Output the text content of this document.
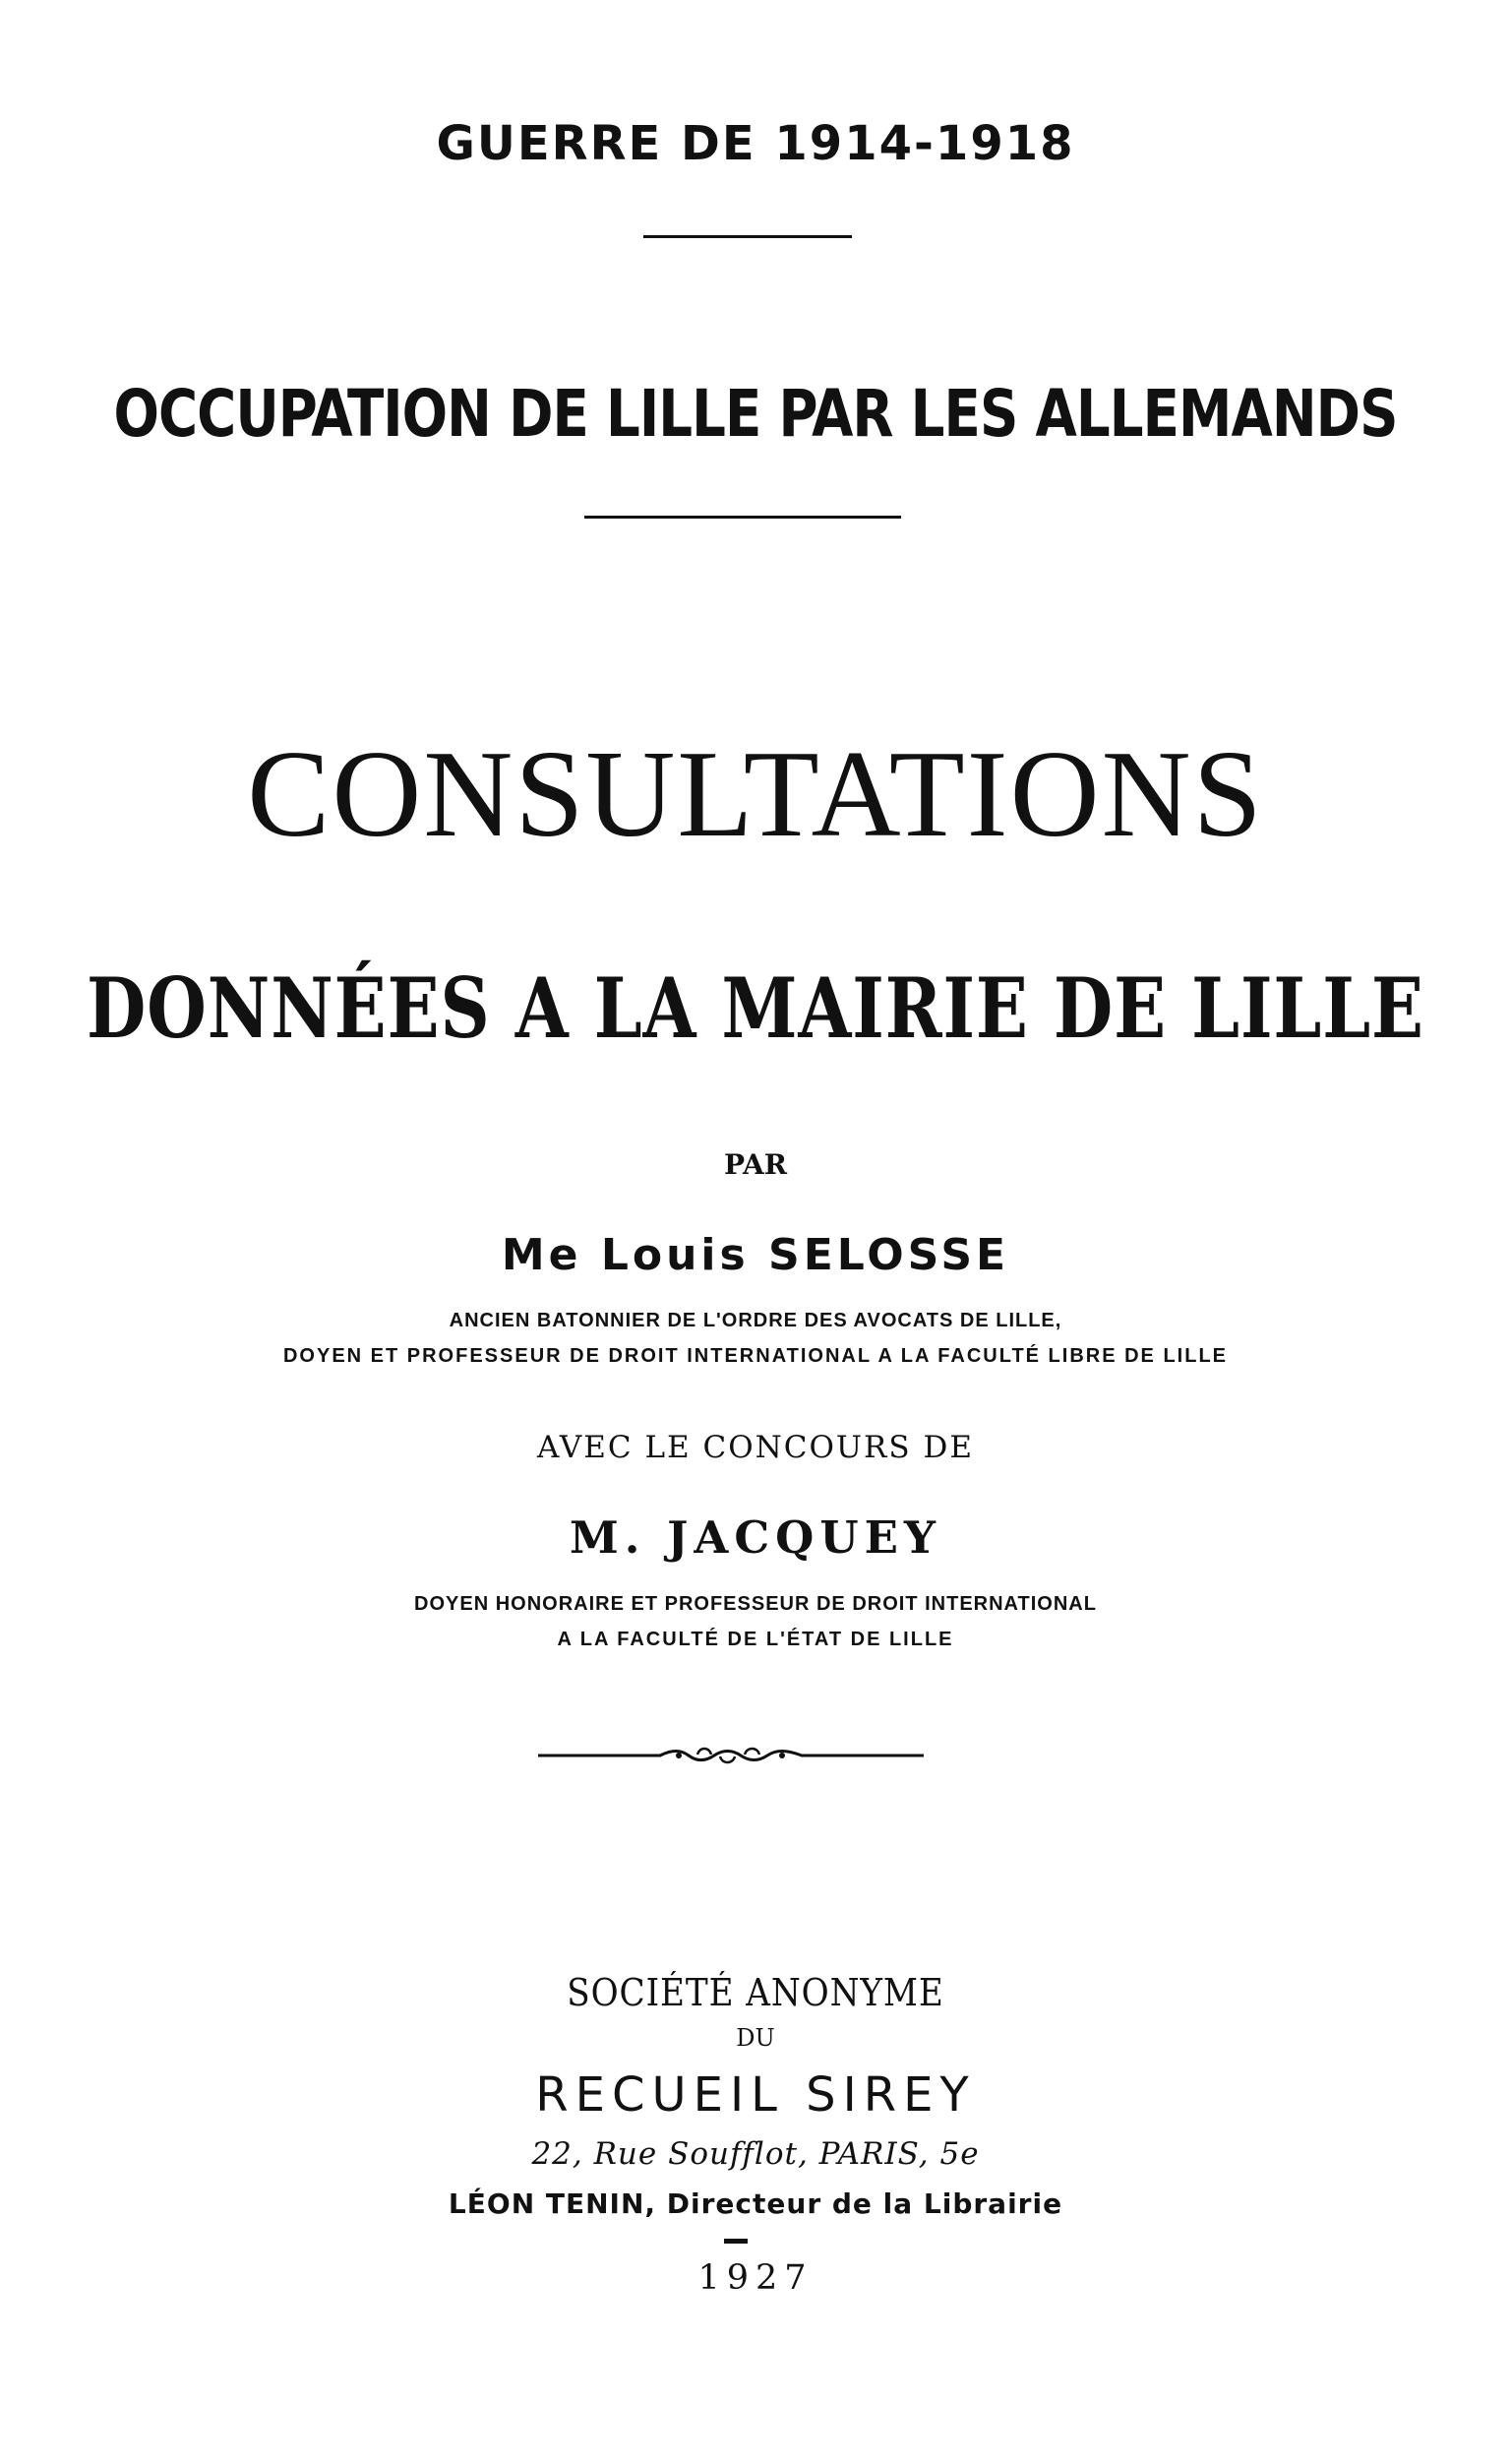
GUERRE DE 1914-1918
OCCUPATION DE LILLE PAR LES ALLEMANDS
CONSULTATIONS
DONNÉES A LA MAIRIE DE LILLE
PAR
Me Louis SELOSSE
ANCIEN BATONNIER DE L'ORDRE DES AVOCATS DE LILLE,
DOYEN ET PROFESSEUR DE DROIT INTERNATIONAL A LA FACULTÉ LIBRE DE LILLE
AVEC LE CONCOURS DE
M. JACQUEY
DOYEN HONORAIRE ET PROFESSEUR DE DROIT INTERNATIONAL
A LA FACULTÉ DE L'ÉTAT DE LILLE
SOCIÉTÉ ANONYME
DU
RECUEIL SIREY
22, Rue Soufflot, PARIS, 5e
LÉON TENIN, Directeur de la Librairie
1927
